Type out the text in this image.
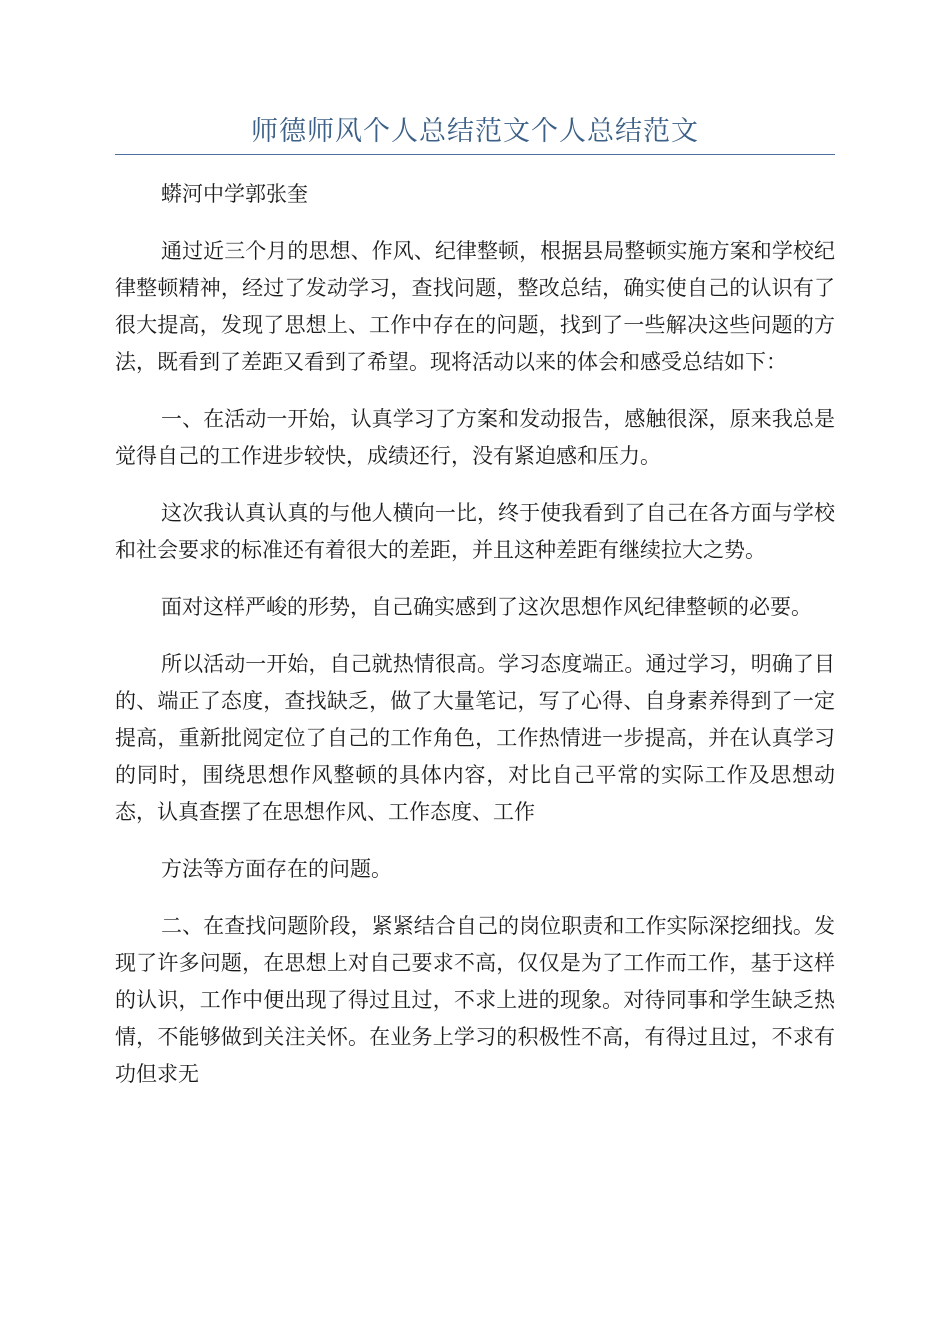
师德师风个人总结范文个人总结范文

蟒河中学郭张奎

通过近三个月的思想、作风、纪律整顿，根据县局整顿实施方案和学校纪律整顿精神，经过了发动学习，查找问题，整改总结，确实使自己的认识有了很大提高，发现了思想上、工作中存在的问题，找到了一些解决这些问题的方法，既看到了差距又看到了希望。现将活动以来的体会和感受总结如下：

一、在活动一开始，认真学习了方案和发动报告，感触很深，原来我总是觉得自己的工作进步较快，成绩还行，没有紧迫感和压力。

这次我认真认真的与他人横向一比，终于使我看到了自己在各方面与学校和社会要求的标准还有着很大的差距，并且这种差距有继续拉大之势。

面对这样严峻的形势，自己确实感到了这次思想作风纪律整顿的必要。

所以活动一开始，自己就热情很高。学习态度端正。通过学习，明确了目的、端正了态度，查找缺乏，做了大量笔记，写了心得、自身素养得到了一定提高，重新批阅定位了自己的工作角色，工作热情进一步提高，并在认真学习的同时，围绕思想作风整顿的具体内容，对比自己平常的实际工作及思想动态，认真查摆了在思想作风、工作态度、工作

方法等方面存在的问题。

二、在查找问题阶段，紧紧结合自己的岗位职责和工作实际深挖细找。发现了许多问题，在思想上对自己要求不高，仅仅是为了工作而工作，基于这样的认识，工作中便出现了得过且过，不求上进的现象。对待同事和学生缺乏热情，不能够做到关注关怀。在业务上学习的积极性不高，有得过且过，不求有功但求无
